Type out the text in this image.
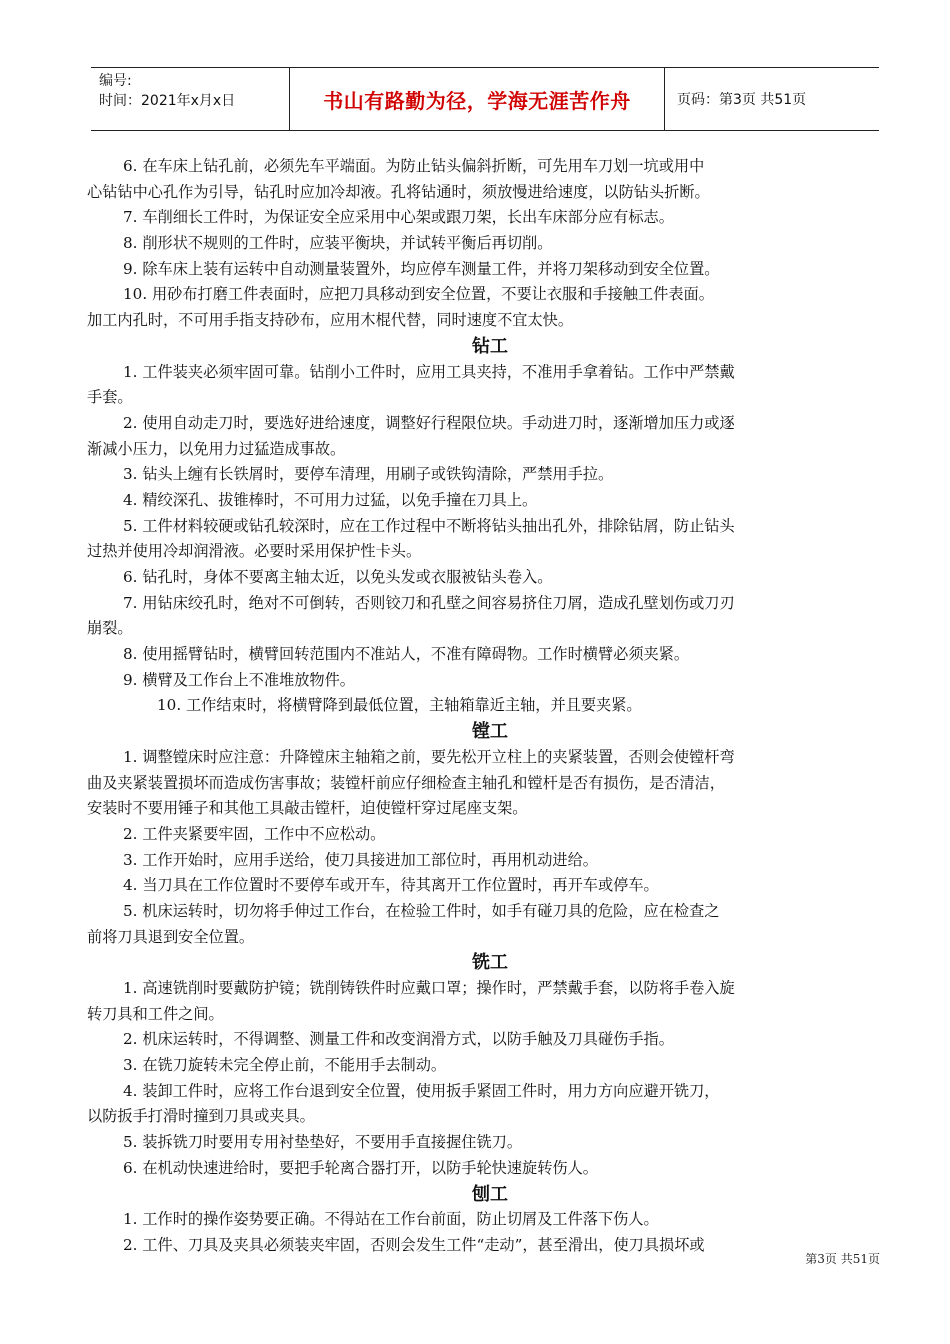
编号:
时间：2021年x月x日	书山有路勤为径，学海无涯苦作舟	页码：第3页 共51页
6. 在车床上钻孔前，必须先车平端面。为防止钻头偏斜折断，可先用车刀划一坑或用中
心钻钻中心孔作为引导，钻孔时应加冷却液。孔将钻通时，须放慢进给速度，以防钻头折断。
7. 车削细长工件时，为保证安全应采用中心架或跟刀架，长出车床部分应有标志。
8. 削形状不规则的工件时，应装平衡块，并试转平衡后再切削。
9. 除车床上装有运转中自动测量装置外，均应停车测量工件，并将刀架移动到安全位置。
10. 用砂布打磨工件表面时，应把刀具移动到安全位置，不要让衣服和手接触工件表面。
加工内孔时，不可用手指支持砂布，应用木棍代替，同时速度不宜太快。
钻工
1. 工件装夹必须牢固可靠。钻削小工件时，应用工具夹持，不准用手拿着钻。工作中严禁戴
手套。
2. 使用自动走刀时，要选好进给速度，调整好行程限位块。手动进刀时，逐渐增加压力或逐
渐减小压力，以免用力过猛造成事故。
3. 钻头上缠有长铁屑时，要停车清理，用刷子或铁钩清除，严禁用手拉。
4. 精绞深孔、拔锥棒时，不可用力过猛，以免手撞在刀具上。
5. 工件材料较硬或钻孔较深时，应在工作过程中不断将钻头抽出孔外，排除钻屑，防止钻头
过热并使用冷却润滑液。必要时采用保护性卡头。
6. 钻孔时，身体不要离主轴太近，以免头发或衣服被钻头卷入。
7. 用钻床绞孔时，绝对不可倒转，否则铰刀和孔壁之间容易挤住刀屑，造成孔壁划伤或刀刃
崩裂。
8. 使用摇臂钻时，横臂回转范围内不准站人，不准有障碍物。工作时横臂必须夹紧。
9. 横臂及工作台上不准堆放物件。
10. 工作结束时，将横臂降到最低位置，主轴箱靠近主轴，并且要夹紧。
镗工
1. 调整镗床时应注意：升降镗床主轴箱之前，要先松开立柱上的夹紧装置，否则会使镗杆弯
曲及夹紧装置损坏而造成伤害事故；装镗杆前应仔细检查主轴孔和镗杆是否有损伤，是否清洁，
安装时不要用锤子和其他工具敲击镗杆，迫使镗杆穿过尾座支架。
2. 工件夹紧要牢固，工作中不应松动。
3. 工作开始时，应用手送给，使刀具接进加工部位时，再用机动进给。
4. 当刀具在工作位置时不要停车或开车，待其离开工作位置时，再开车或停车。
5. 机床运转时，切勿将手伸过工作台，在检验工件时，如手有碰刀具的危险，应在检查之
前将刀具退到安全位置。
铣工
1. 高速铣削时要戴防护镜；铣削铸铁件时应戴口罩；操作时，严禁戴手套，以防将手卷入旋
转刀具和工件之间。
2. 机床运转时，不得调整、测量工件和改变润滑方式，以防手触及刀具碰伤手指。
3. 在铣刀旋转未完全停止前，不能用手去制动。
4. 装卸工件时，应将工作台退到安全位置，使用扳手紧固工件时，用力方向应避开铣刀，
以防扳手打滑时撞到刀具或夹具。
5. 装拆铣刀时要用专用衬垫垫好，不要用手直接握住铣刀。
6. 在机动快速进给时，要把手轮离合器打开，以防手轮快速旋转伤人。
刨工
1. 工作时的操作姿势要正确。不得站在工作台前面，防止切屑及工件落下伤人。
2. 工件、刀具及夹具必须装夹牢固，否则会发生工件“走动”，甚至滑出，使刀具损坏或
第3页 共51页
